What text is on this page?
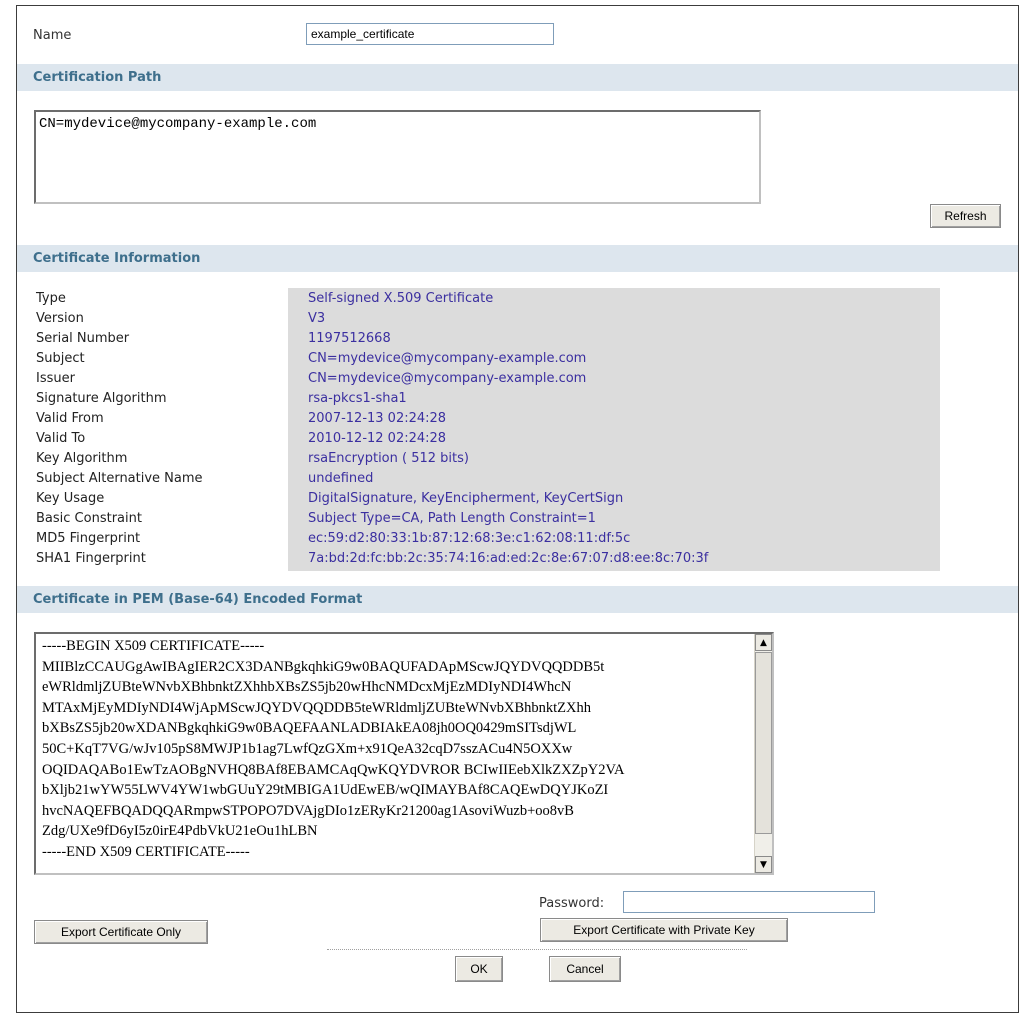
Name
example_certificate
Certification Path
CN=mydevice@mycompany-example.com
Refresh
Certificate Information
Type	Self-signed X.509 Certificate
Version	V3
Serial Number	1197512668
Subject	CN=mydevice@mycompany-example.com
Issuer	CN=mydevice@mycompany-example.com
Signature Algorithm	rsa-pkcs1-sha1
Valid From	2007-12-13 02:24:28
Valid To	2010-12-12 02:24:28
Key Algorithm	rsaEncryption ( 512 bits)
Subject Alternative Name	undefined
Key Usage	DigitalSignature, KeyEncipherment, KeyCertSign
Basic Constraint	Subject Type=CA, Path Length Constraint=1
MD5 Fingerprint	ec:59:d2:80:33:1b:87:12:68:3e:c1:62:08:11:df:5c
SHA1 Fingerprint	7a:bd:2d:fc:bb:2c:35:74:16:ad:ed:2c:8e:67:07:d8:ee:8c:70:3f
Certificate in PEM (Base-64) Encoded Format
-----BEGIN X509 CERTIFICATE-----
MIIBlzCCAUGgAwIBAgIER2CX3DANBgkqhkiG9w0BAQUFADApMScwJQYDVQQDDB5t
eWRldmljZUBteWNvbXBhbnktZXhhbXBsZS5jb20wHhcNMDcxMjEzMDIyNDI4WhcN
MTAxMjEyMDIyNDI4WjApMScwJQYDVQQDDB5teWRldmljZUBteWNvbXBhbnktZXhh
bXBsZS5jb20wXDANBgkqhkiG9w0BAQEFAANLADBIAkEA08jh0OQ0429mSITsdjWL
50C+KqT7VG/wJv105pS8MWJP1b1ag7LwfQzGXm+x91QeA32cqD7sszACu4N5OXXw
OQIDAQABo1EwTzAOBgNVHQ8BAf8EBAMCAqQwKQYDVROR BCIwIIEebXlkZXZpY2VA
bXljb21wYW55LWV4YW1wbGUuY29tMBIGA1UdEwEB/wQIMAYBAf8CAQEwDQYJKoZI
hvcNAQEFBQADQQARmpwSTPOPO7DVAjgDIo1zERyKr21200ag1AsoviWuzb+oo8vB
Zdg/UXe9fD6yI5z0irE4PdbVkU21eOu1hLBN
-----END X509 CERTIFICATE-----
▲
▼
Password:
Export Certificate Only	Export Certificate with Private Key
OK	Cancel
